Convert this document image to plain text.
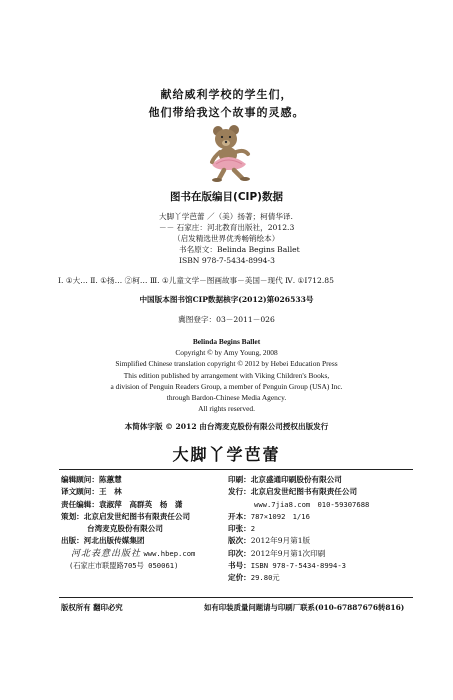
献给威利学校的学生们，
他们带给我这个故事的灵感。
图书在版编目(CIP)数据
大脚丫学芭蕾 ／（美）扬著；柯倩华译.
－－ 石家庄：河北教育出版社，2012.3
（启发精选世界优秀畅销绘本）
书名原文：Belinda Begins Ballet
ISBN 978-7-5434-8994-3
Ⅰ. ①大… Ⅱ. ①扬… ②柯… Ⅲ. ①儿童文学－图画故事－美国－现代 Ⅳ. ①I712.85
中国版本图书馆CIP数据核字(2012)第026533号
冀图登字：03－2011－026
Belinda Begins Ballet
Copyright © by Amy Young, 2008
Simplified Chinese translation copyright © 2012 by Hebei Education Press
This edition published by arrangement with Viking Children's Books,
a division of Penguin Readers Group, a member of Penguin Group (USA) Inc.
through Bardon-Chinese Media Agency.
All rights reserved.
本简体字版 © 2012 由台湾麦克股份有限公司授权出版发行
大脚丫学芭蕾
编辑顾问：陈蕙慧
译文顾问：王　林
责任编辑：袁淑萍　高群英　杨　潇
策划：北京启发世纪图书有限责任公司
台湾麦克股份有限公司
出版：河北出版传媒集团
河北表意出版社 www.hbep.com
(石家庄市联盟路705号 050061)
印刷：北京盛通印刷股份有限公司
发行：北京启发世纪图书有限责任公司
www.7jia8.com　010-59307688
开本：787×1092　1/16
印张：2
版次：2012年9月第1版
印次：2012年9月第1次印刷
书号：ISBN 978-7-5434-8994-3
定价：29.80元
版权所有 翻印必究	如有印装质量问题请与印刷厂联系(010-67887676转816)
